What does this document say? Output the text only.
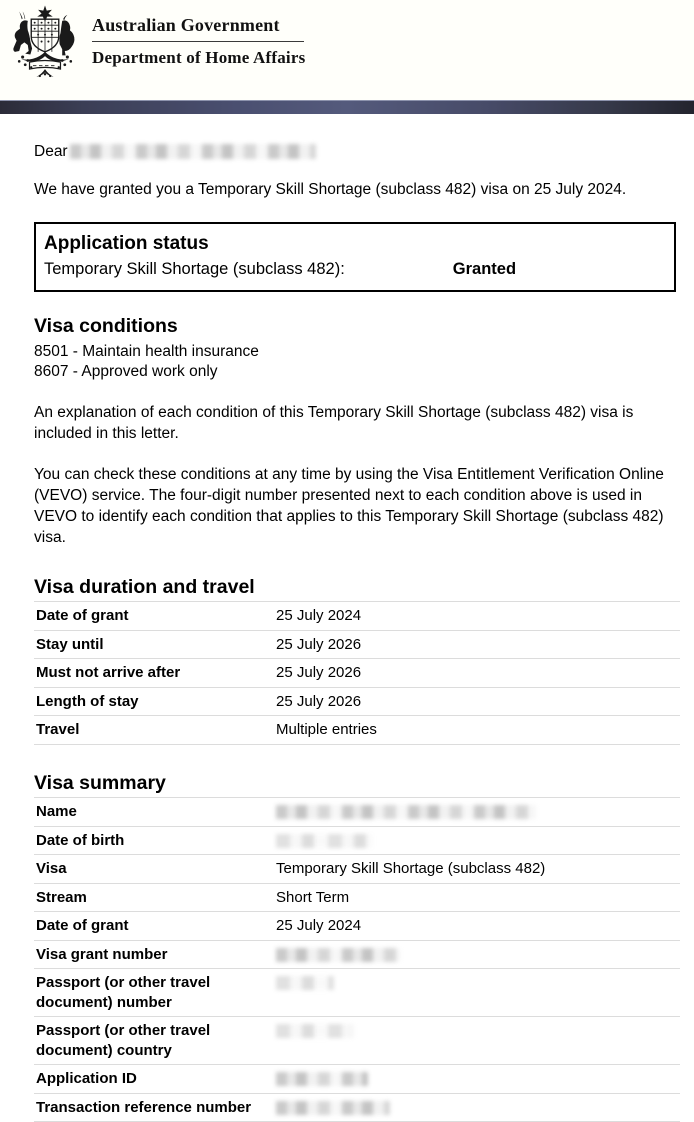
Australian Government
Department of Home Affairs
Dear
We have granted you a Temporary Skill Shortage (subclass 482) visa on 25 July 2024.
Application status
Temporary Skill Shortage (subclass 482):	Granted
Visa conditions
8501 - Maintain health insurance
8607 - Approved work only
An explanation of each condition of this Temporary Skill Shortage (subclass 482) visa is included in this letter.
You can check these conditions at any time by using the Visa Entitlement Verification Online (VEVO) service. The four-digit number presented next to each condition above is used in VEVO to identify each condition that applies to this Temporary Skill Shortage (subclass 482) visa.
Visa duration and travel
Date of grant	25 July 2024
Stay until	25 July 2026
Must not arrive after	25 July 2026
Length of stay	25 July 2026
Travel	Multiple entries
Visa summary
Name	
Date of birth	
Visa	Temporary Skill Shortage (subclass 482)
Stream	Short Term
Date of grant	25 July 2024
Visa grant number	
Passport (or other travel document) number	
Passport (or other travel document) country	
Application ID	
Transaction reference number	
